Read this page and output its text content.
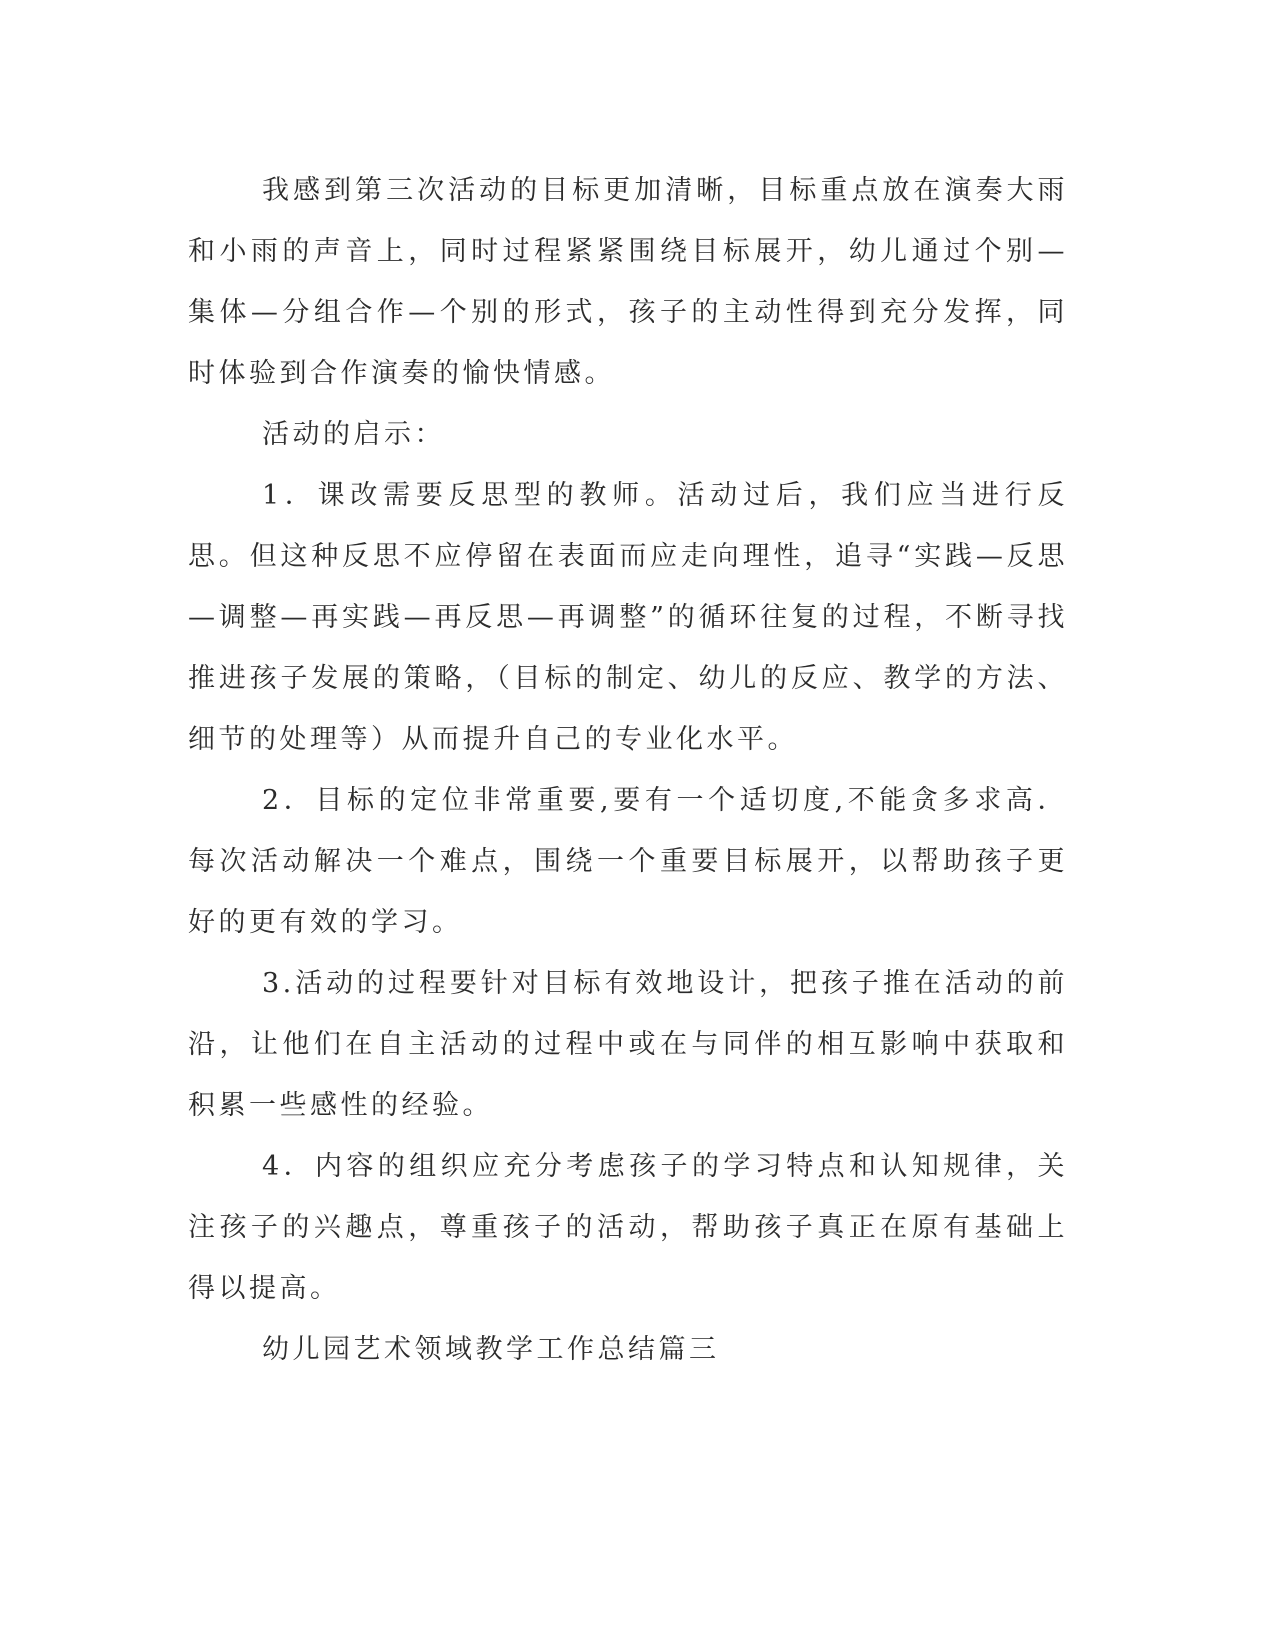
我感到第三次活动的目标更加清晰，目标重点放在演奏大雨和小雨的声音上，同时过程紧紧围绕目标展开，幼儿通过个别—集体—分组合作—个别的形式，孩子的主动性得到充分发挥，同时体验到合作演奏的愉快情感。

活动的启示：

1．课改需要反思型的教师。活动过后，我们应当进行反思。但这种反思不应停留在表面而应走向理性，追寻“实践—反思—调整—再实践—再反思—再调整”的循环往复的过程，不断寻找推进孩子发展的策略，（目标的制定、幼儿的反应、教学的方法、细节的处理等）从而提升自己的专业化水平。

2．目标的定位非常重要,要有一个适切度,不能贪多求高．每次活动解决一个难点，围绕一个重要目标展开，以帮助孩子更好的更有效的学习。

3.活动的过程要针对目标有效地设计，把孩子推在活动的前沿，让他们在自主活动的过程中或在与同伴的相互影响中获取和积累一些感性的经验。

4．内容的组织应充分考虑孩子的学习特点和认知规律，关注孩子的兴趣点，尊重孩子的活动，帮助孩子真正在原有基础上得以提高。

幼儿园艺术领域教学工作总结篇三
